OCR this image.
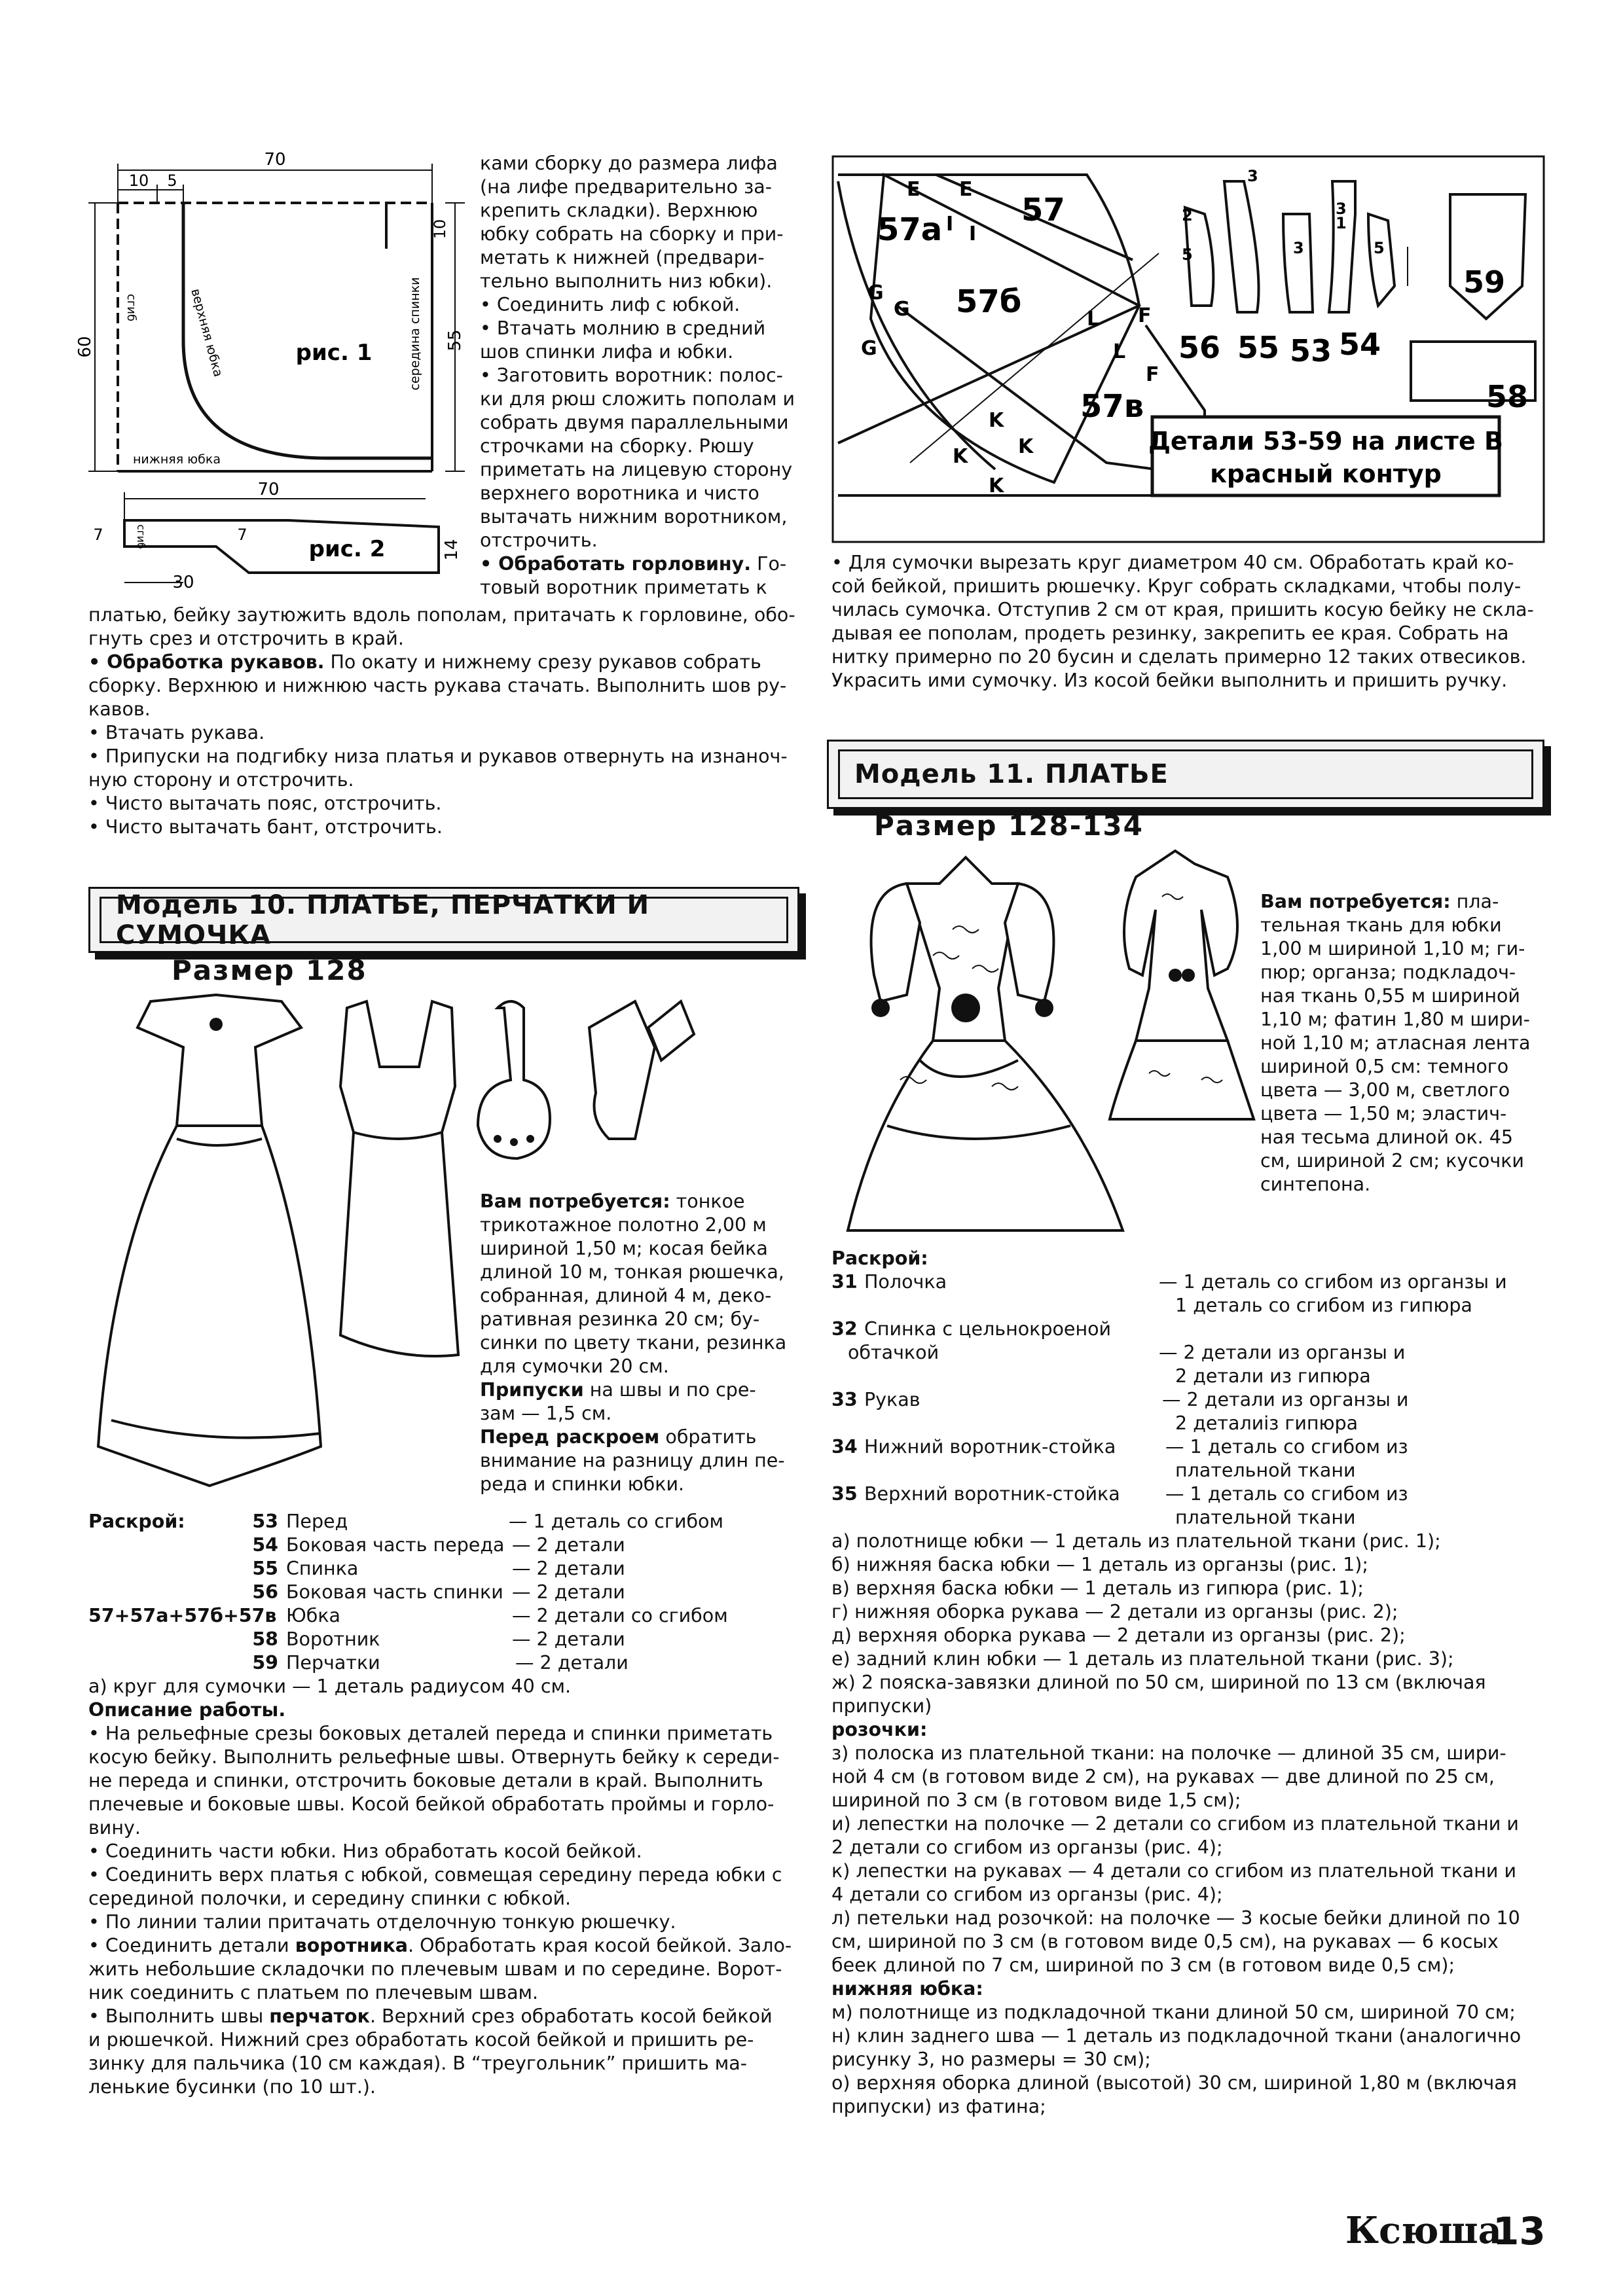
70
10 5
60	55
10
сгиб	верхняя юбка	середина спинки
нижняя юбка
рис. 1
70
7	сгиб	7
30
14
рис. 2

ками сборку до размера лифа

(на лифе предварительно за-

крепить складки). Верхнюю

юбку собрать на сборку и при-

метать к нижней (предвари-

тельно выполнить низ юбки).

• Соединить лиф с юбкой.

• Втачать молнию в средний

шов спинки лифа и юбки.

• Заготовить воротник: полос-

ки для рюш сложить пополам и

собрать двумя параллельными

строчками на сборку. Рюшу

приметать на лицевую сторону

верхнего воротника и чисто

вытачать нижним воротником,

отстрочить.

• Обработать горловину. Го-

товый воротник приметать к

платью, бейку заутюжить вдоль пополам, притачать к горловине, обо-

гнуть срез и отстрочить в край.

• Обработка рукавов. По окату и нижнему срезу рукавов собрать

сборку. Верхнюю и нижнюю часть рукава стачать. Выполнить шов ру-

кавов.

• Втачать рукава.

• Припуски на подгибку низа платья и рукавов отвернуть на изнаноч-

ную сторону и отстрочить.

• Чисто вытачать пояс, отстрочить.

• Чисто вытачать бант, отстрочить.

57а
57
57б
57в
E E
I I
G
G
G
L
L
F
F
K
K	K
K
56 55 53 54
59
58
3
2
5
3
1
3	5
Детали 53-59 на листе В
красный контур

• Для сумочки вырезать круг диаметром 40 см. Обработать край ко-

сой бейкой, пришить рюшечку. Круг собрать складками, чтобы полу-

чилась сумочка. Отступив 2 см от края, пришить косую бейку не скла-

дывая ее пополам, продеть резинку, закрепить ее края. Собрать на

нитку примерно по 20 бусин и сделать примерно 12 таких отвесиков.

Украсить ими сумочку. Из косой бейки выполнить и пришить ручку.

Модель 11. ПЛАТЬЕ
Размер 128-134

Вам потребуется: пла-

тельная ткань для юбки

1,00 м шириной 1,10 м; ги-

пюр; органза; подкладоч-

ная ткань 0,55 м шириной

1,10 м; фатин 1,80 м шири-

ной 1,10 м; атласная лента

шириной 0,5 см: темного

цвета — 3,00 м, светлого

цвета — 1,50 м; эластич-

ная тесьма длиной ок. 45

см, шириной 2 см; кусочки

синтепона.

Раскрой:

31 Полочка	— 1 деталь со сгибом из органзы и
1 деталь со сгибом из гипюра
32 Спинка с цельнокроеной
обтачкой	— 2 детали из органзы и
2 детали из гипюра
33 Рукав	— 2 детали из органзы и
2 деталиiз гипюра
34 Нижний воротник-стойка	— 1 деталь со сгибом из
плательной ткани
35 Верхний воротник-стойка	— 1 деталь со сгибом из
плательной ткани

а) полотнище юбки — 1 деталь из плательной ткани (рис. 1);

б) нижняя баска юбки — 1 деталь из органзы (рис. 1);

в) верхняя баска юбки — 1 деталь из гипюра (рис. 1);

г) нижняя оборка рукава — 2 детали из органзы (рис. 2);

д) верхняя оборка рукава — 2 детали из органзы (рис. 2);

е) задний клин юбки — 1 деталь из плательной ткани (рис. 3);

ж) 2 пояска-завязки длиной по 50 см, шириной по 13 см (включая

припуски)

розочки:

з) полоска из плательной ткани: на полочке — длиной 35 см, шири-

ной 4 см (в готовом виде 2 см), на рукавах — две длиной по 25 см,

шириной по 3 см (в готовом виде 1,5 см);

и) лепестки на полочке — 2 детали со сгибом из плательной ткани и

2 детали со сгибом из органзы (рис. 4);

к) лепестки на рукавах — 4 детали со сгибом из плательной ткани и

4 детали со сгибом из органзы (рис. 4);

л) петельки над розочкой: на полочке — 3 косые бейки длиной по 10

см, шириной по 3 см (в готовом виде 0,5 см), на рукавах — 6 косых

беек длиной по 7 см, шириной по 3 см (в готовом виде 0,5 см);

нижняя юбка:

м) полотнище из подкладочной ткани длиной 50 см, шириной 70 см;

н) клин заднего шва — 1 деталь из подкладочной ткани (аналогично

рисунку 3, но размеры = 30 см);

о) верхняя оборка длиной (высотой) 30 см, шириной 1,80 м (включая

припуски) из фатина;

Модель 10. ПЛАТЬЕ, ПЕРЧАТКИ И СУМОЧКА
Размер 128

Вам потребуется: тонкое

трикотажное полотно 2,00 м

шириной 1,50 м; косая бейка

длиной 10 м, тонкая рюшечка,

собранная, длиной 4 м, деко-

ративная резинка 20 см; бу-

синки по цвету ткани, резинка

для сумочки 20 см.

Припуски на швы и по сре-

зам — 1,5 см.

Перед раскроем обратить

внимание на разницу длин пе-

реда и спинки юбки.

Раскрой:	53 Перед	— 1 деталь со сгибом
54 Боковая часть переда — 2 детали
55 Спинка	— 2 детали
56 Боковая часть спинки — 2 детали
57+57а+57б+57в Юбка	— 2 детали со сгибом
58 Воротник	— 2 детали
59 Перчатки	— 2 детали

а) круг для сумочки — 1 деталь радиусом 40 см.

Описание работы.

• На рельефные срезы боковых деталей переда и спинки приметать

косую бейку. Выполнить рельефные швы. Отвернуть бейку к середи-

не переда и спинки, отстрочить боковые детали в край. Выполнить

плечевые и боковые швы. Косой бейкой обработать проймы и горло-

вину.

• Соединить части юбки. Низ обработать косой бейкой.

• Соединить верх платья с юбкой, совмещая середину переда юбки с

серединой полочки, и середину спинки с юбкой.

• По линии талии притачать отделочную тонкую рюшечку.

• Соединить детали воротника. Обработать края косой бейкой. Зало-

жить небольшие складочки по плечевым швам и по середине. Ворот-

ник соединить с платьем по плечевым швам.

• Выполнить швы перчаток. Верхний срез обработать косой бейкой

и рюшечкой. Нижний срез обработать косой бейкой и пришить ре-

зинку для пальчика (10 см каждая). В “треугольник” пришить ма-

ленькие бусинки (по 10 шт.).

Ксюша
13
